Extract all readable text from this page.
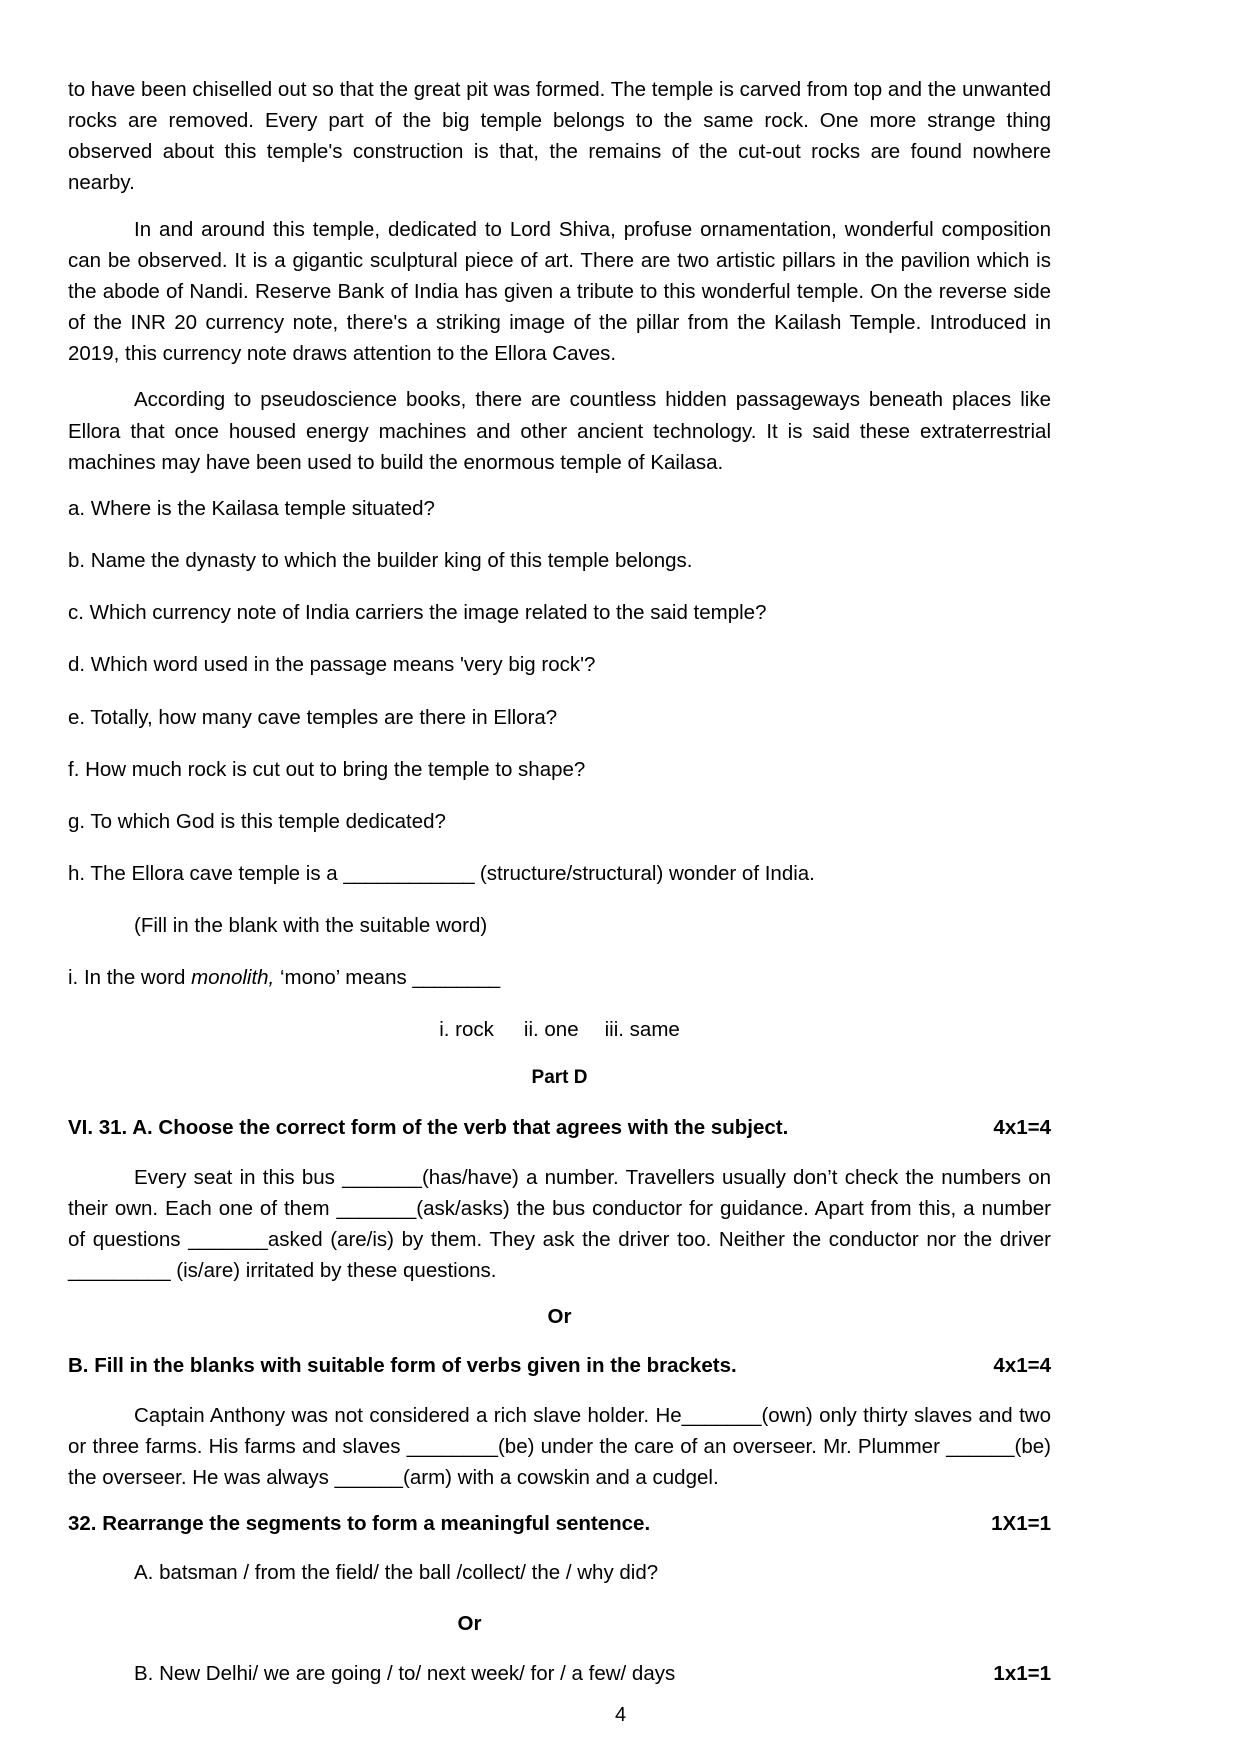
to have been chiselled out so that the great pit was formed. The temple is carved from top and the unwanted rocks are removed. Every part of the big temple belongs to the same rock. One more strange thing observed about this temple's construction is that, the remains of the cut-out rocks are found nowhere nearby.

In and around this temple, dedicated to Lord Shiva, profuse ornamentation, wonderful composition can be observed. It is a gigantic sculptural piece of art. There are two artistic pillars in the pavilion which is the abode of Nandi. Reserve Bank of India has given a tribute to this wonderful temple. On the reverse side of the INR 20 currency note, there's a striking image of the pillar from the Kailash Temple. Introduced in 2019, this currency note draws attention to the Ellora Caves.

According to pseudoscience books, there are countless hidden passageways beneath places like Ellora that once housed energy machines and other ancient technology. It is said these extraterrestrial machines may have been used to build the enormous temple of Kailasa.

a. Where is the Kailasa temple situated?

b. Name the dynasty to which the builder king of this temple belongs.

c. Which currency note of India carriers the image related to the said temple?

d. Which word used in the passage means 'very big rock'?

e. Totally, how many cave temples are there in Ellora?

f. How much rock is cut out to bring the temple to shape?

g. To which God is this temple dedicated?

h. The Ellora cave temple is a ____________ (structure/structural) wonder of India.

(Fill in the blank with the suitable word)

i. In the word monolith, ‘mono’ means ________

i. rock ii. one iii. same

Part D

VI. 31. A. Choose the correct form of the verb that agrees with the subject.	4x1=4

Every seat in this bus _______(has/have) a number. Travellers usually don’t check the numbers on their own. Each one of them _______(ask/asks) the bus conductor for guidance. Apart from this, a number of questions _______asked (are/is) by them. They ask the driver too. Neither the conductor nor the driver _________ (is/are) irritated by these questions.

Or

B. Fill in the blanks with suitable form of verbs given in the brackets.	4x1=4

Captain Anthony was not considered a rich slave holder. He_______(own) only thirty slaves and two or three farms. His farms and slaves ________(be) under the care of an overseer. Mr. Plummer ______(be) the overseer. He was always ______(arm) with a cowskin and a cudgel.

32. Rearrange the segments to form a meaningful sentence.	1X1=1

A. batsman / from the field/ the ball /collect/ the / why did?

Or

B. New Delhi/ we are going / to/ next week/ for / a few/ days	1x1=1
4
